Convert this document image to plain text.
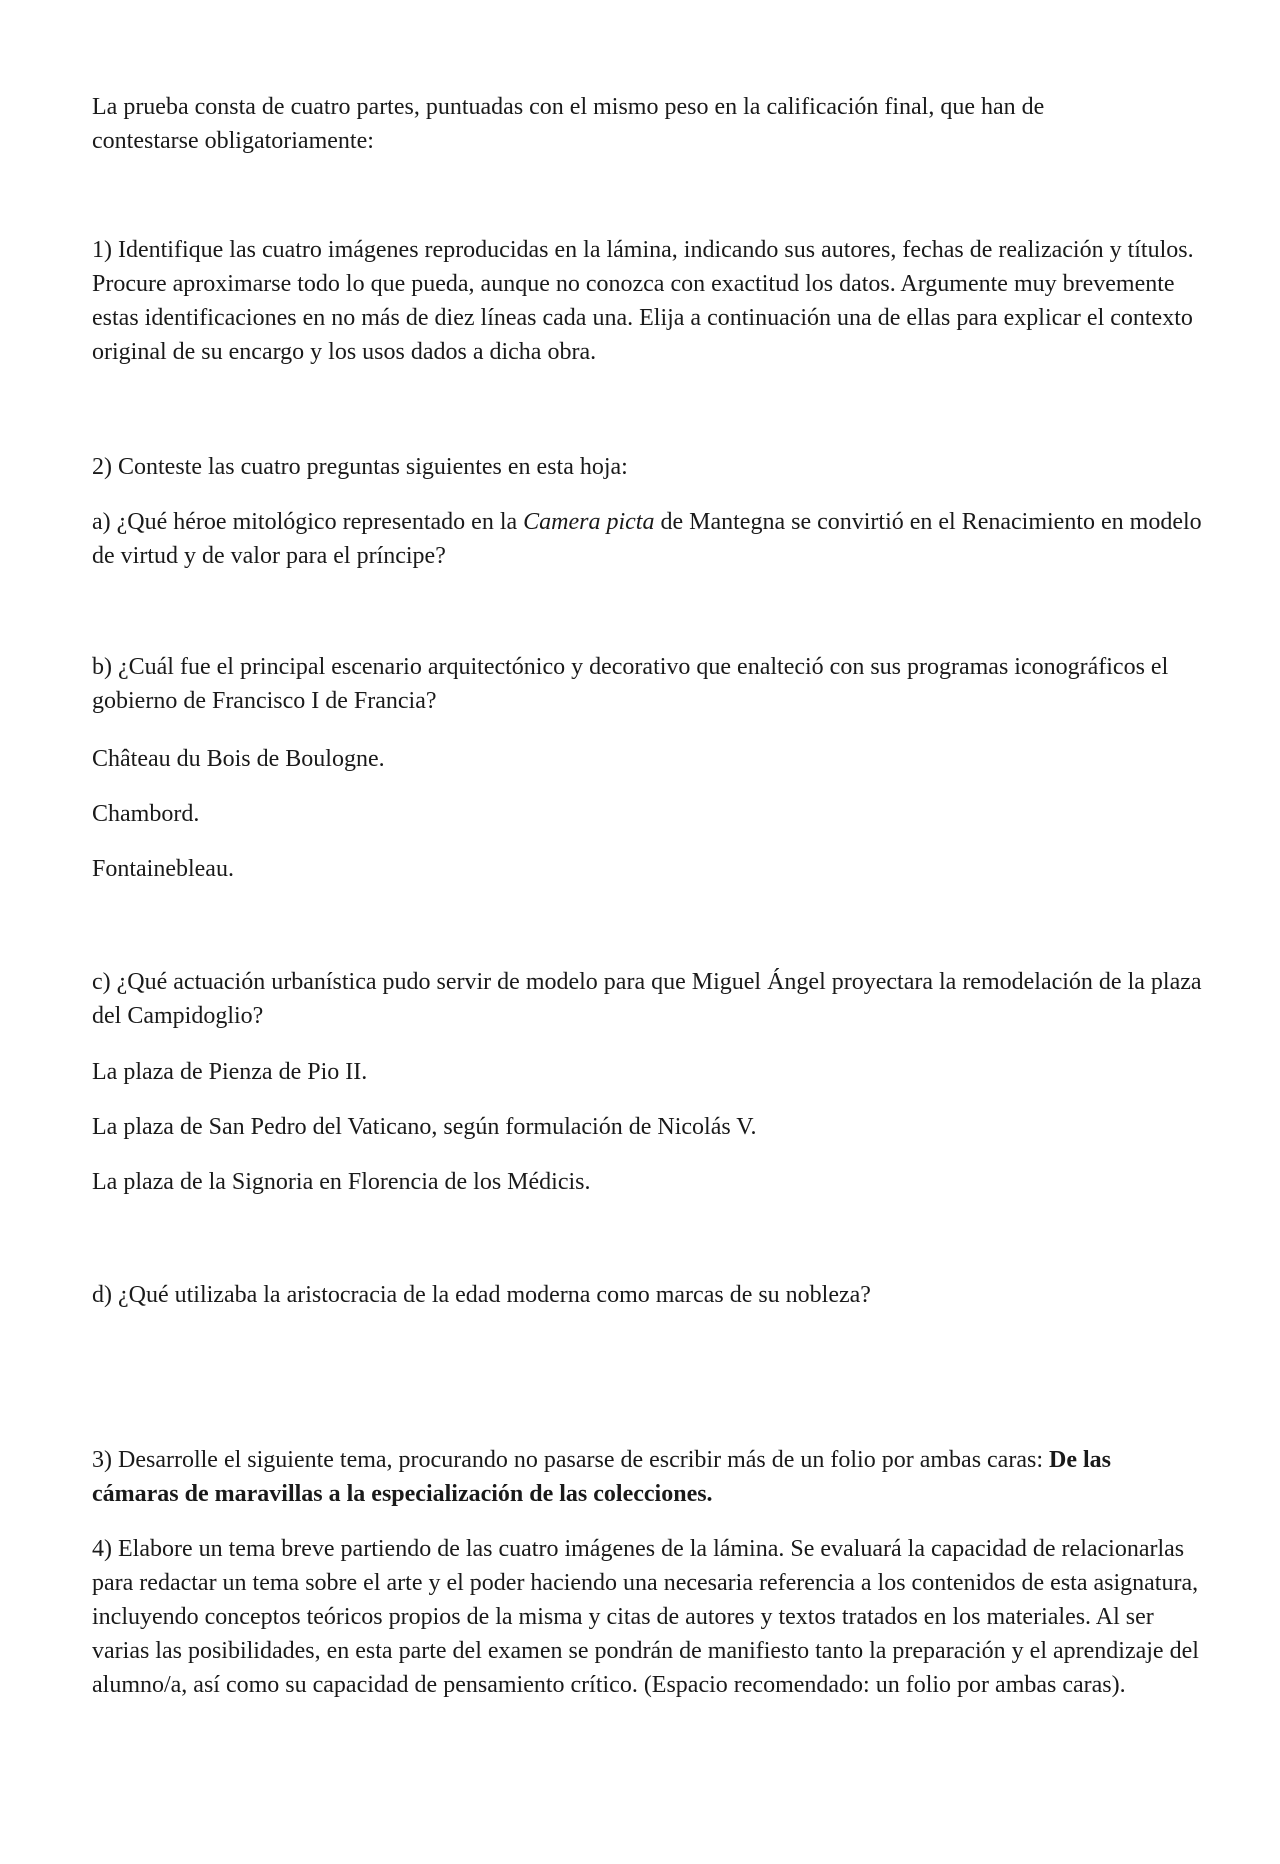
La prueba consta de cuatro partes, puntuadas con el mismo peso en la calificación final, que han de contestarse obligatoriamente:

1) Identifique las cuatro imágenes reproducidas en la lámina, indicando sus autores, fechas de realización y títulos. Procure aproximarse todo lo que pueda, aunque no conozca con exactitud los datos. Argumente muy brevemente estas identificaciones en no más de diez líneas cada una. Elija a continuación una de ellas para explicar el contexto original de su encargo y los usos dados a dicha obra.

2) Conteste las cuatro preguntas siguientes en esta hoja:

a) ¿Qué héroe mitológico representado en la Camera picta de Mantegna se convirtió en el Renacimiento en modelo de virtud y de valor para el príncipe?

b) ¿Cuál fue el principal escenario arquitectónico y decorativo que enalteció con sus programas iconográficos el gobierno de Francisco I de Francia?

Château du Bois de Boulogne.

Chambord.

Fontainebleau.

c) ¿Qué actuación urbanística pudo servir de modelo para que Miguel Ángel proyectara la remodelación de la plaza del Campidoglio?

La plaza de Pienza de Pio II.

La plaza de San Pedro del Vaticano, según formulación de Nicolás V.

La plaza de la Signoria en Florencia de los Médicis.

d) ¿Qué utilizaba la aristocracia de la edad moderna como marcas de su nobleza?

3) Desarrolle el siguiente tema, procurando no pasarse de escribir más de un folio por ambas caras: De las cámaras de maravillas a la especialización de las colecciones.

4) Elabore un tema breve partiendo de las cuatro imágenes de la lámina. Se evaluará la capacidad de relacionarlas para redactar un tema sobre el arte y el poder haciendo una necesaria referencia a los contenidos de esta asignatura, incluyendo conceptos teóricos propios de la misma y citas de autores y textos tratados en los materiales. Al ser varias las posibilidades, en esta parte del examen se pondrán de manifiesto tanto la preparación y el aprendizaje del alumno/a, así como su capacidad de pensamiento crítico. (Espacio recomendado: un folio por ambas caras).
